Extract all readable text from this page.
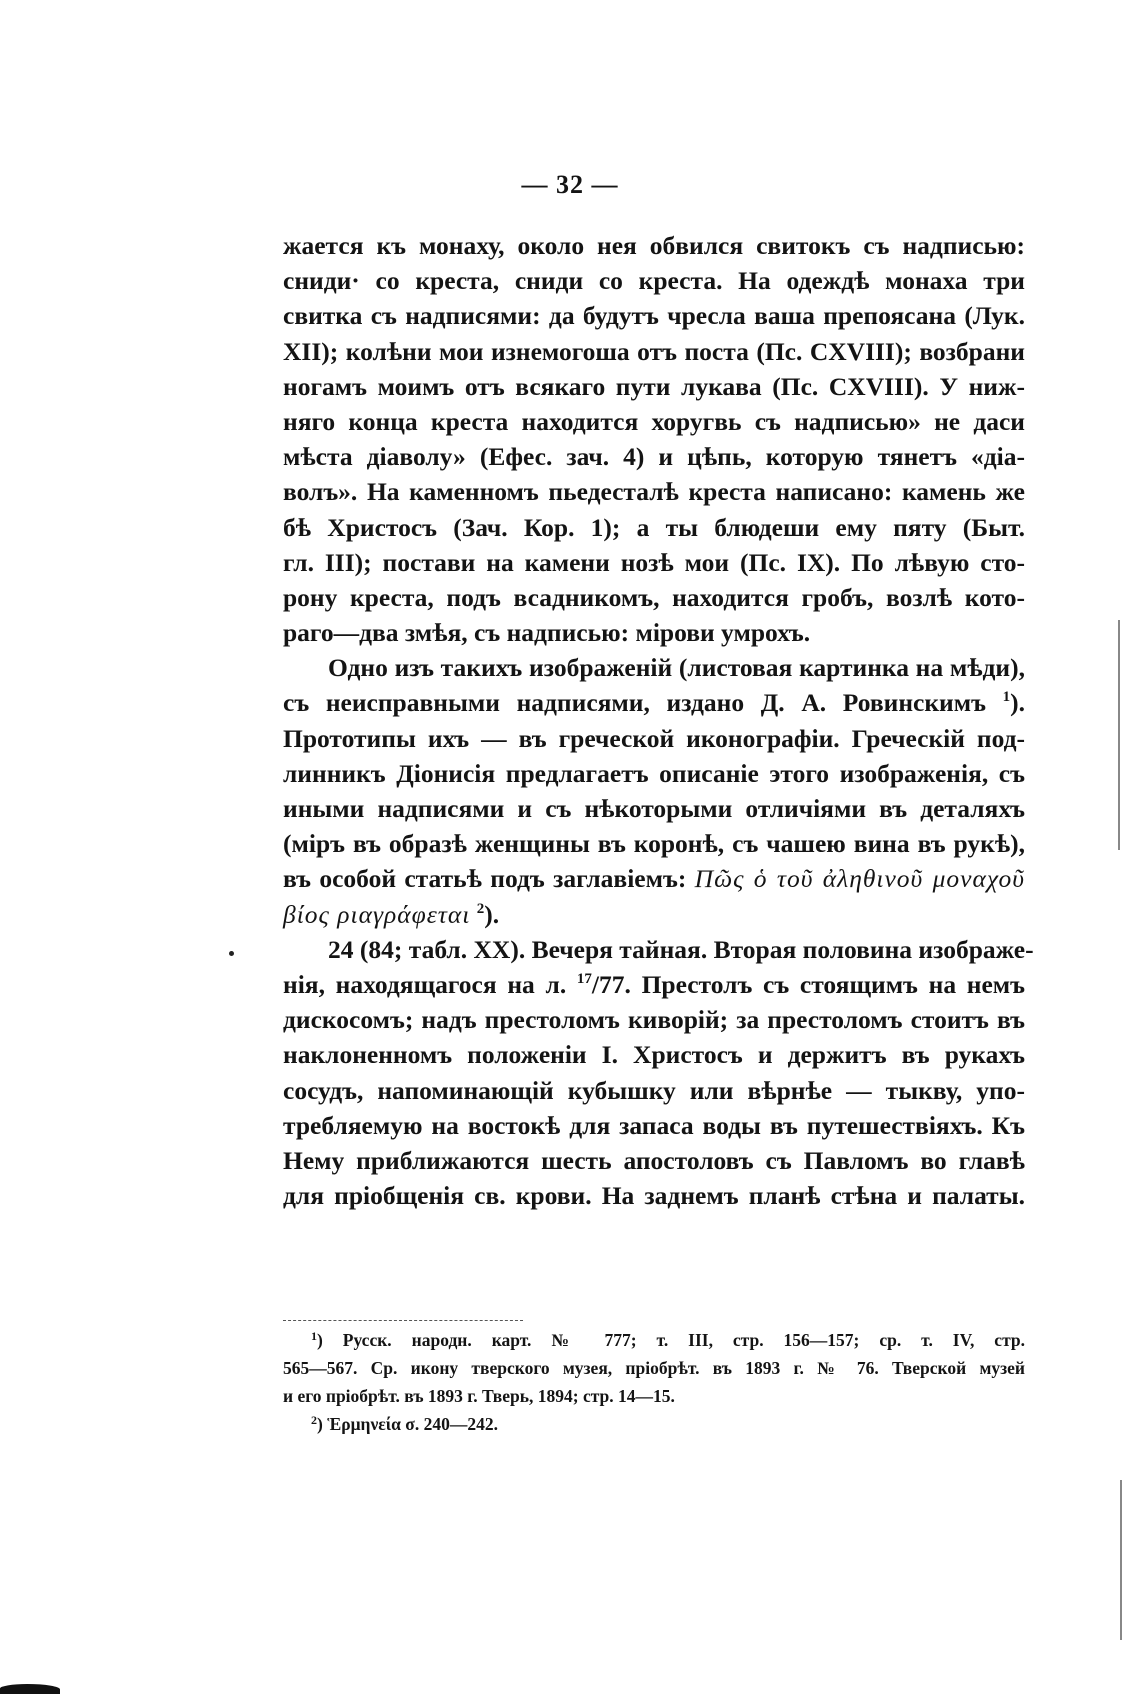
— 32 —
жается къ монаху, около нея обвился свитокъ съ надписью:
сниди· со креста, сниди со креста. На одеждѣ монаха три
свитка съ надписями: да будутъ чресла ваша препоясана (Лук.
XII); колѣни мои изнемогоша отъ поста (Пс. CXVIII); возбрани
ногамъ моимъ отъ всякаго пути лукава (Пс. CXVIII). У ниж-
няго конца креста находится хоругвь съ надписью» не даси
мѣста діаволу» (Ефес. зач. 4) и цѣпь, которую тянетъ «діа-
волъ». На каменномъ пьедесталѣ креста написано: камень же
бѣ Христосъ (Зач. Кор. 1); а ты блюдеши ему пяту (Быт.
гл. III); постави на камени нозѣ мои (Пс. IX). По лѣвую сто-
рону креста, подъ всадникомъ, находится гробъ, возлѣ кото-
раго—два змѣя, съ надписью: мірови умрохъ.
Одно изъ такихъ изображеній (листовая картинка на мѣди),
съ неисправными надписями, издано Д. А. Ровинскимъ $^1$).
Прототипы ихъ — въ греческой иконографіи. Греческій под-
линникъ Діонисія предлагаетъ описаніе этого изображенія, съ
иными надписями и съ нѣкоторыми отличіями въ деталяхъ
(міръ въ образѣ женщины въ коронѣ, съ чашею вина въ рукѣ),
въ особой статьѣ подъ заглавіемъ: Πῶς ὁ τοῦ ἀληθινοῦ μοναχοῦ
βίος ριαγράφεται $^2$).
24 (84; табл. XX). Вечеря тайная. Вторая половина изображе-
нія, находящагося на л. $^{17}$/77. Престолъ съ стоящимъ на немъ
дискосомъ; надъ престоломъ киворій; за престоломъ стоитъ въ
наклоненномъ положеніи I. Христосъ и держитъ въ рукахъ
сосудъ, напоминающій кубышку или вѣрнѣе — тыкву, упо-
требляемую на востокѣ для запаса воды въ путешествіяхъ. Къ
Нему приближаются шесть апостоловъ съ Павломъ во главѣ
для пріобщенія св. крови. На заднемъ планѣ стѣна и палаты.
$^1$) Русск. народн. карт. № 777; т. III, стр. 156—157; ср. т. IV, стр.
565—567. Ср. икону тверского музея, пріобрѣт. въ 1893 г. № 76. Тверской музей
и его пріобрѣт. въ 1893 г. Тверь, 1894; стр. 14—15.
$^2$) Ἑρμηνεία σ. 240—242.
